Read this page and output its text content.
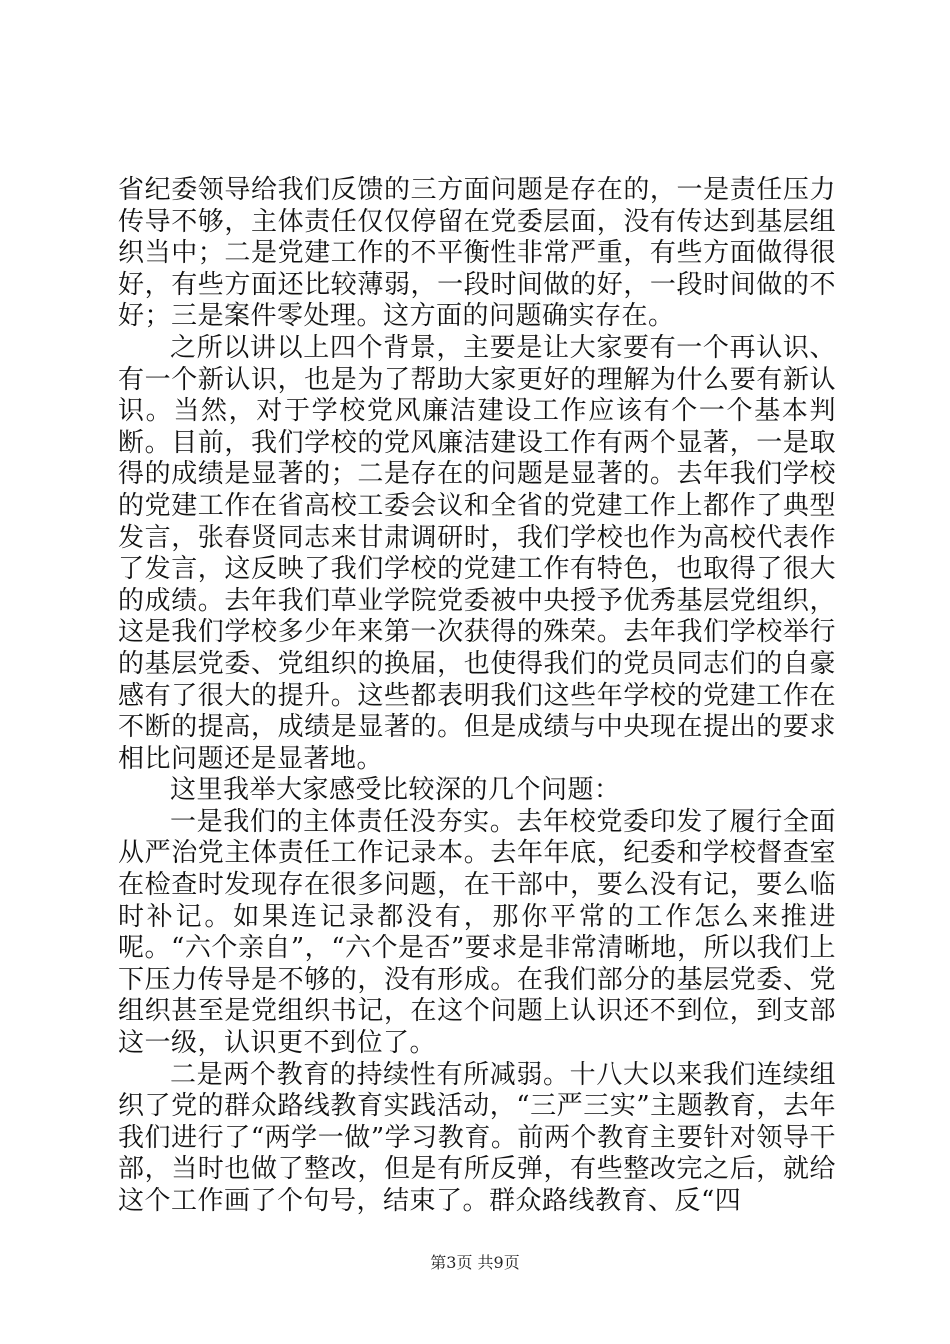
省纪委领导给我们反馈的三方面问题是存在的，一是责任压力传导不够，主体责任仅仅停留在党委层面，没有传达到基层组织当中；二是党建工作的不平衡性非常严重，有些方面做得很好，有些方面还比较薄弱，一段时间做的好，一段时间做的不好；三是案件零处理。这方面的问题确实存在。

之所以讲以上四个背景，主要是让大家要有一个再认识、有一个新认识，也是为了帮助大家更好的理解为什么要有新认识。当然，对于学校党风廉洁建设工作应该有个一个基本判断。目前，我们学校的党风廉洁建设工作有两个显著，一是取得的成绩是显著的；二是存在的问题是显著的。去年我们学校的党建工作在省高校工委会议和全省的党建工作上都作了典型发言，张春贤同志来甘肃调研时，我们学校也作为高校代表作了发言，这反映了我们学校的党建工作有特色，也取得了很大的成绩。去年我们草业学院党委被中央授予优秀基层党组织，这是我们学校多少年来第一次获得的殊荣。去年我们学校举行的基层党委、党组织的换届，也使得我们的党员同志们的自豪感有了很大的提升。这些都表明我们这些年学校的党建工作在不断的提高，成绩是显著的。但是成绩与中央现在提出的要求相比问题还是显著地。

这里我举大家感受比较深的几个问题：

一是我们的主体责任没夯实。去年校党委印发了履行全面从严治党主体责任工作记录本。去年年底，纪委和学校督查室在检查时发现存在很多问题，在干部中，要么没有记，要么临时补记。如果连记录都没有，那你平常的工作怎么来推进呢。“六个亲自”，“六个是否”要求是非常清晰地，所以我们上下压力传导是不够的，没有形成。在我们部分的基层党委、党组织甚至是党组织书记，在这个问题上认识还不到位，到支部这一级，认识更不到位了。

二是两个教育的持续性有所减弱。十八大以来我们连续组织了党的群众路线教育实践活动，“三严三实”主题教育，去年我们进行了“两学一做”学习教育。前两个教育主要针对领导干部，当时也做了整改，但是有所反弹，有些整改完之后，就给这个工作画了个句号，结束了。群众路线教育、反“四

第3页 共9页
